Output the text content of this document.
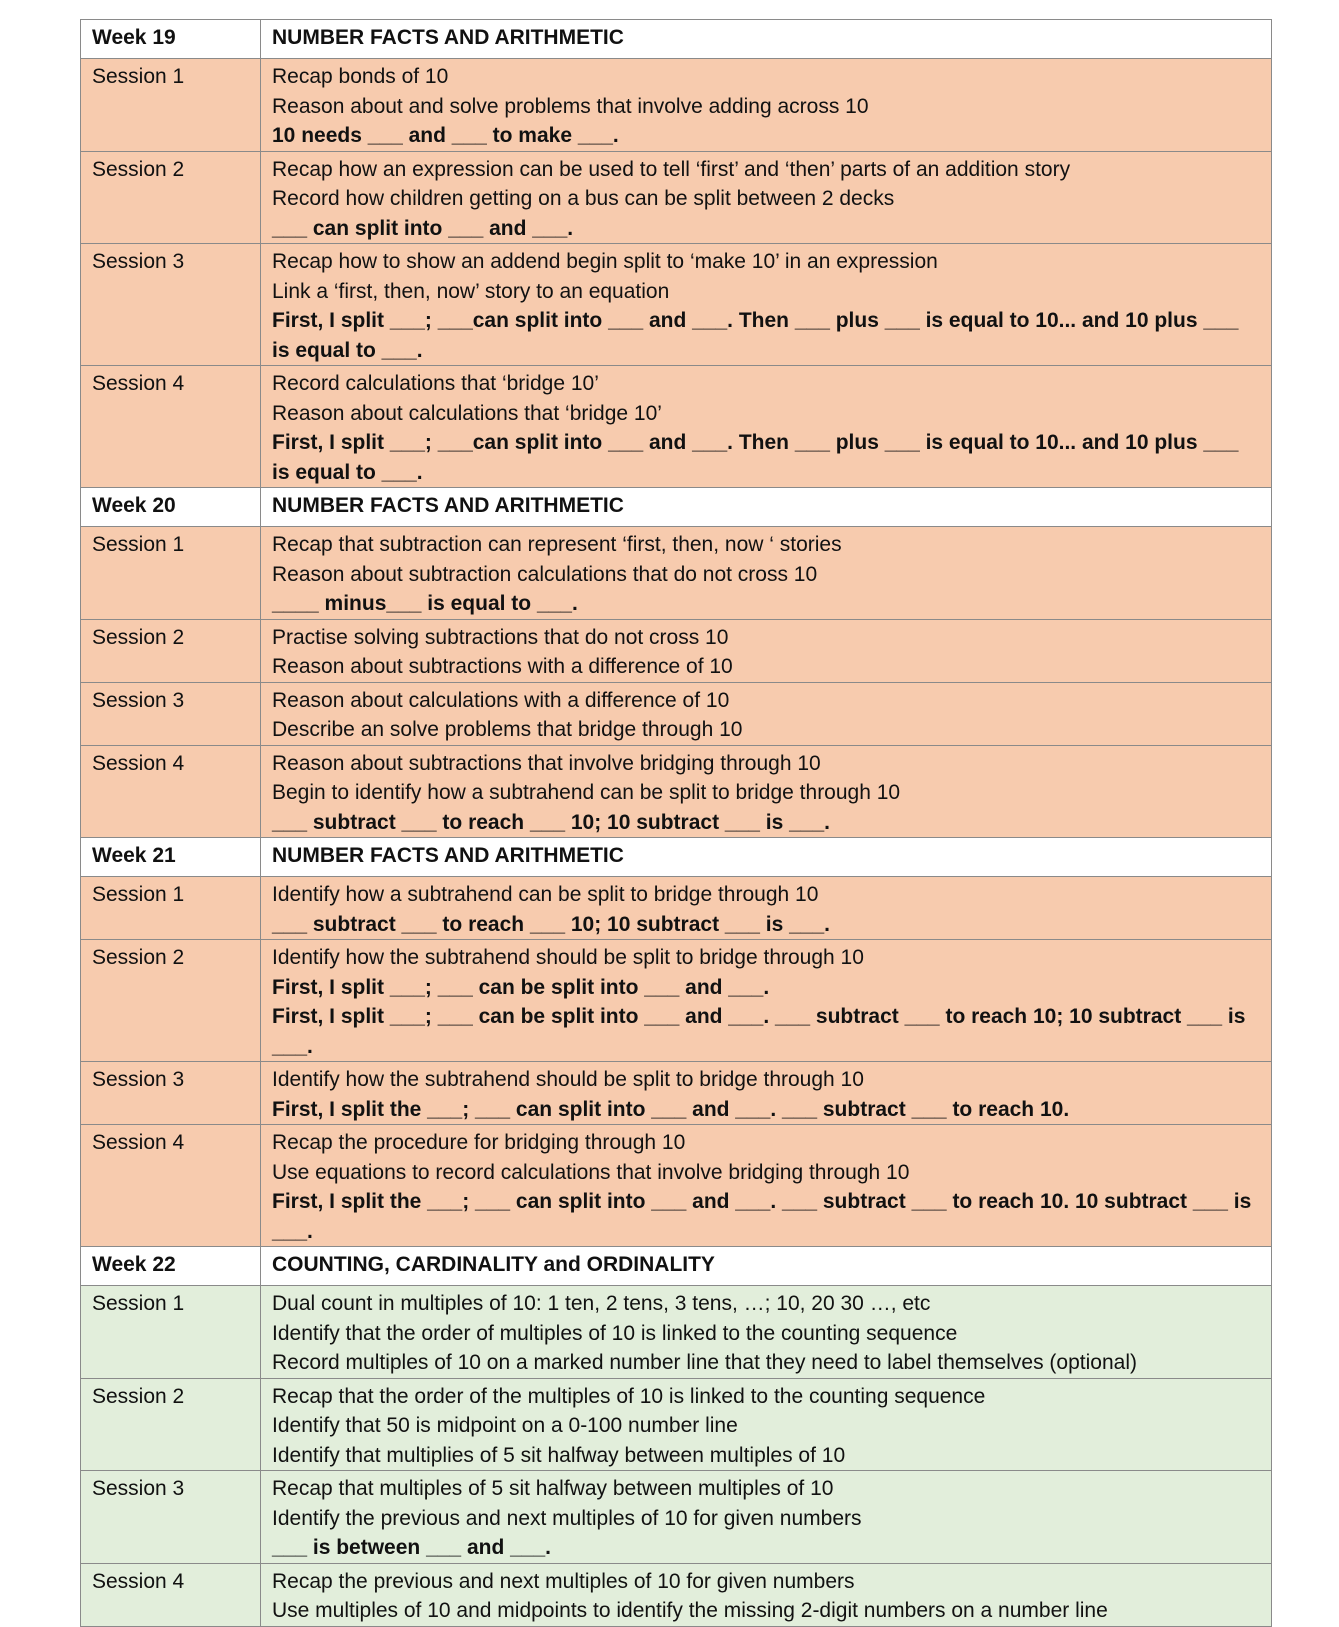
Week 19	NUMBER FACTS AND ARITHMETIC
Session 1	Recap bonds of 10
Reason about and solve problems that involve adding across 10
10 needs ___ and ___ to make ___.

Session 2	Recap how an expression can be used to tell ‘first’ and ‘then’ parts of an addition story
Record how children getting on a bus can be split between 2 decks
___ can split into ___ and ___.

Session 3	Recap how to show an addend begin split to ‘make 10’ in an expression
Link a ‘first, then, now’ story to an equation
First, I split ___; ___can split into ___ and ___. Then ___ plus ___ is equal to 10... and 10 plus ___ is equal to ___.

Session 4	Record calculations that ‘bridge 10’
Reason about calculations that ‘bridge 10’
First, I split ___; ___can split into ___ and ___. Then ___ plus ___ is equal to 10... and 10 plus ___ is equal to ___.

Week 20	NUMBER FACTS AND ARITHMETIC
Session 1	Recap that subtraction can represent ‘first, then, now ‘ stories
Reason about subtraction calculations that do not cross 10
____ minus___ is equal to ___.

Session 2	Practise solving subtractions that do not cross 10
Reason about subtractions with a difference of 10

Session 3	Reason about calculations with a difference of 10
Describe an solve problems that bridge through 10

Session 4	Reason about subtractions that involve bridging through 10
Begin to identify how a subtrahend can be split to bridge through 10
___ subtract ___ to reach ___ 10; 10 subtract ___ is ___.

Week 21	NUMBER FACTS AND ARITHMETIC
Session 1	Identify how a subtrahend can be split to bridge through 10
___ subtract ___ to reach ___ 10; 10 subtract ___ is ___.

Session 2	Identify how the subtrahend should be split to bridge through 10
First, I split ___; ___ can be split into ___ and ___.
First, I split ___; ___ can be split into ___ and ___. ___ subtract ___ to reach 10; 10 subtract ___ is ___.

Session 3	Identify how the subtrahend should be split to bridge through 10
First, I split the ___; ___ can split into ___ and ___. ___ subtract ___ to reach 10.

Session 4	Recap the procedure for bridging through 10
Use equations to record calculations that involve bridging through 10
First, I split the ___; ___ can split into ___ and ___. ___ subtract ___ to reach 10. 10 subtract ___ is ___.

Week 22	COUNTING, CARDINALITY and ORDINALITY
Session 1	Dual count in multiples of 10: 1 ten, 2 tens, 3 tens, …; 10, 20 30 …, etc
Identify that the order of multiples of 10 is linked to the counting sequence
Record multiples of 10 on a marked number line that they need to label themselves (optional)

Session 2	Recap that the order of the multiples of 10 is linked to the counting sequence
Identify that 50 is midpoint on a 0-100 number line
Identify that multiplies of 5 sit halfway between multiples of 10

Session 3	Recap that multiples of 5 sit halfway between multiples of 10
Identify the previous and next multiples of 10 for given numbers
___ is between ___ and ___.

Session 4	Recap the previous and next multiples of 10 for given numbers
Use multiples of 10 and midpoints to identify the missing 2-digit numbers on a number line
